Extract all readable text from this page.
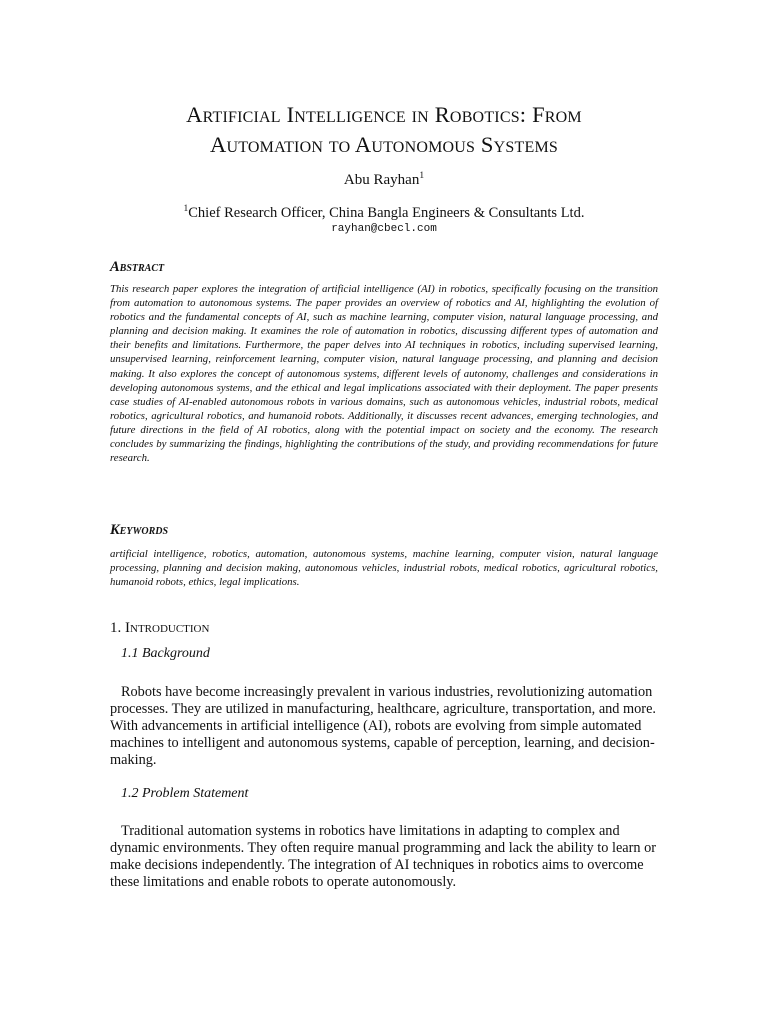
Artificial Intelligence in Robotics: From
Automation to Autonomous Systems
Abu Rayhan$^1$
$^1$Chief Research Officer, China Bangla Engineers & Consultants Ltd.
rayhan@cbecl.com
Abstract
This research paper explores the integration of artificial intelligence (AI) in robotics, specifically focusing on the transition from automation to autonomous systems. The paper provides an overview of robotics and AI, highlighting the evolution of robotics and the fundamental concepts of AI, such as machine learning, computer vision, natural language processing, and planning and decision making. It examines the role of automation in robotics, discussing different types of automation and their benefits and limitations. Furthermore, the paper delves into AI techniques in robotics, including supervised learning, unsupervised learning, reinforcement learning, computer vision, natural language processing, and planning and decision making. It also explores the concept of autonomous systems, different levels of autonomy, challenges and considerations in developing autonomous systems, and the ethical and legal implications associated with their deployment. The paper presents case studies of AI-enabled autonomous robots in various domains, such as autonomous vehicles, industrial robots, medical robotics, agricultural robotics, and humanoid robots. Additionally, it discusses recent advances, emerging technologies, and future directions in the field of AI robotics, along with the potential impact on society and the economy. The research concludes by summarizing the findings, highlighting the contributions of the study, and providing recommendations for future research.
Keywords
artificial intelligence, robotics, automation, autonomous systems, machine learning, computer vision, natural language processing, planning and decision making, autonomous vehicles, industrial robots, medical robotics, agricultural robotics, humanoid robots, ethics, legal implications.
1. Introduction
1.1 Background
Robots have become increasingly prevalent in various industries, revolutionizing automation processes. They are utilized in manufacturing, healthcare, agriculture, transportation, and more. With advancements in artificial intelligence (AI), robots are evolving from simple automated machines to intelligent and autonomous systems, capable of perception, learning, and decision-making.
1.2 Problem Statement
Traditional automation systems in robotics have limitations in adapting to complex and dynamic environments. They often require manual programming and lack the ability to learn or make decisions independently. The integration of AI techniques in robotics aims to overcome these limitations and enable robots to operate autonomously.
